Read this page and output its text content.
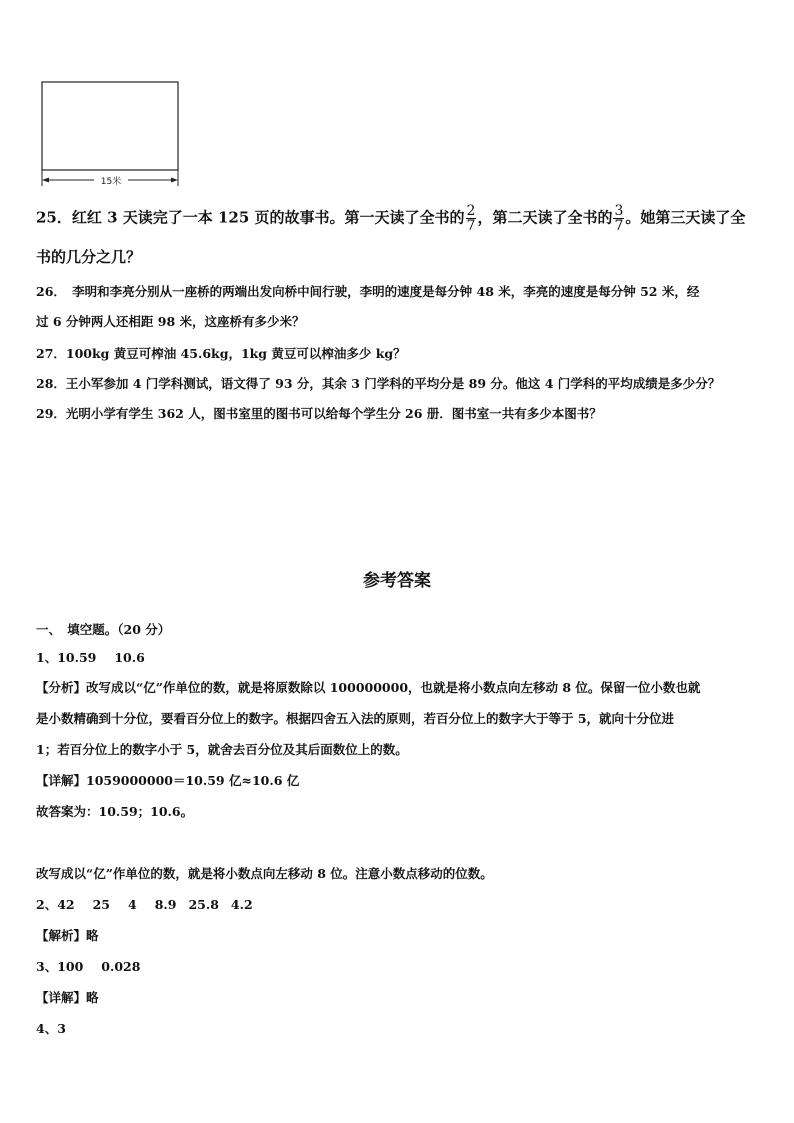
15米
25．红红 3 天读完了一本 125 页的故事书。第一天读了全书的 $\frac{2}{7}$ ，第二天读了全书的 $\frac{3}{7}$ 。她第三天读了全
书的几分之几？
26．　李明和李亮分别从一座桥的两端出发向桥中间行驶，李明的速度是每分钟 48 米，李亮的速度是每分钟 52 米，经
过 6 分钟两人还相距 98 米，这座桥有多少米？
27．100kg 黄豆可榨油 45.6kg，1kg 黄豆可以榨油多少 kg？
28．王小军参加 4 门学科测试，语文得了 93 分，其余 3 门学科的平均分是 89 分。他这 4 门学科的平均成绩是多少分？
29．光明小学有学生 362 人，图书室里的图书可以给每个学生分 26 册．图书室一共有多少本图书？
参考答案
一、　填空题。（20 分）
1、10.59 10.6
【分析】改写成以“亿”作单位的数，就是将原数除以 100000000，也就是将小数点向左移动 8 位。保留一位小数也就
是小数精确到十分位，要看百分位上的数字。根据四舍五入法的原则，若百分位上的数字大于等于 5，就向十分位进
1；若百分位上的数字小于 5，就舍去百分位及其后面数位上的数。
【详解】1059000000＝10.59 亿≈10.6 亿
故答案为：10.59；10.6。
改写成以“亿”作单位的数，就是将小数点向左移动 8 位。注意小数点移动的位数。
2、42 25 4 8.9 25.8 4.2
【解析】略
3、100 0.028
【详解】略
4、3
